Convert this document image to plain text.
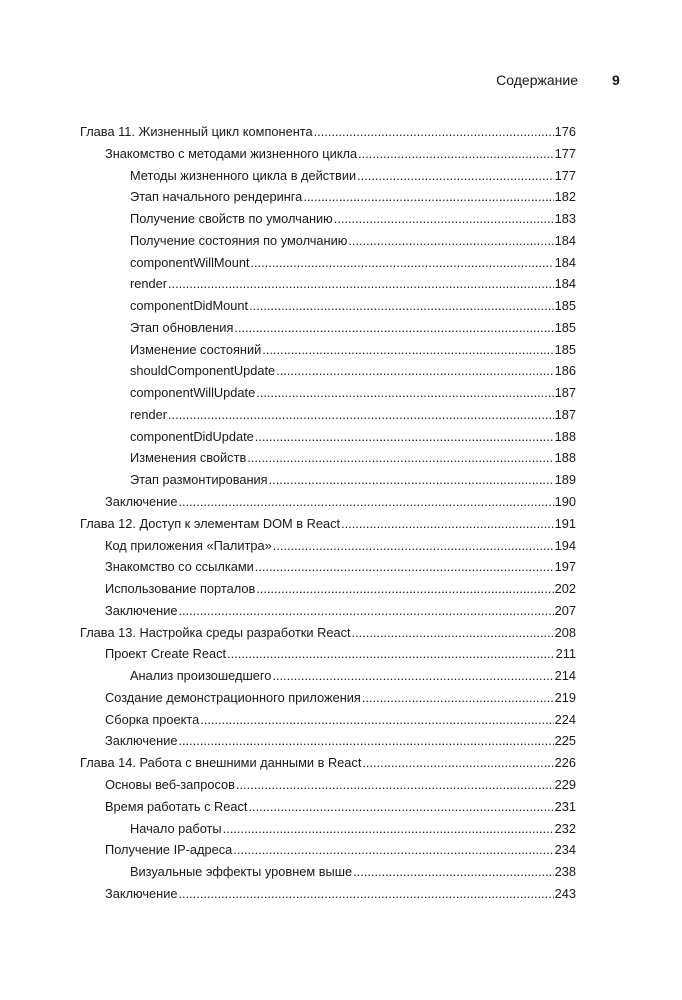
Содержание 9
Глава 11. Жизненный цикл компонента .....	176
Знакомство с методами жизненного цикла .....	177
Методы жизненного цикла в действии .....	177
Этап начального рендеринга .....	182
Получение свойств по умолчанию .....	183
Получение состояния по умолчанию .....	184
componentWillMount .....	184
render .....	184
componentDidMount .....	185
Этап обновления .....	185
Изменение состояний .....	185
shouldComponentUpdate .....	186
componentWillUpdate .....	187
render .....	187
componentDidUpdate .....	188
Изменения свойств .....	188
Этап размонтирования .....	189
Заключение .....	190
Глава 12. Доступ к элементам DOM в React .....	191
Код приложения «Палитра» .....	194
Знакомство со ссылками .....	197
Использование порталов .....	202
Заключение .....	207
Глава 13. Настройка среды разработки React .....	208
Проект Create React .....	211
Анализ произошедшего .....	214
Создание демонстрационного приложения .....	219
Сборка проекта .....	224
Заключение .....	225
Глава 14. Работа с внешними данными в React .....	226
Основы веб-запросов .....	229
Время работать с React .....	231
Начало работы .....	232
Получение IP-адреса .....	234
Визуальные эффекты уровнем выше .....	238
Заключение .....	243
